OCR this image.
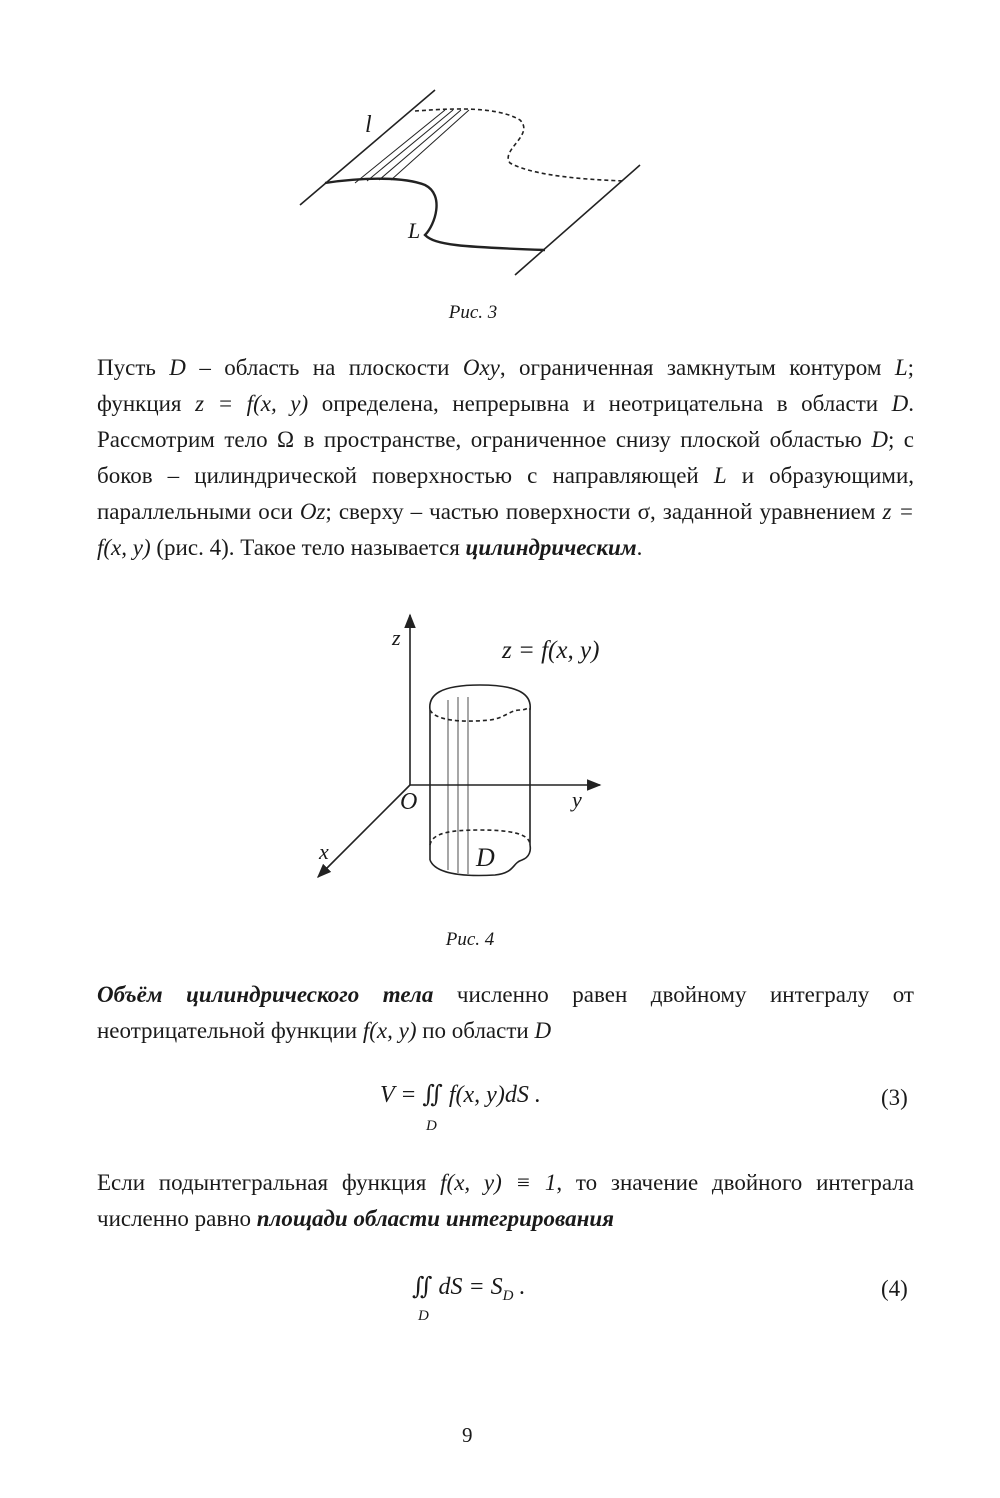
l
L
Рис. 3
Пусть D – область на плоскости Oxy, ограниченная замкнутым контуром L; функция z = f(x, y) определена, непрерывна и неотрицательна в области D. Рассмотрим тело Ω в пространстве, ограниченное снизу плоской областью D; с боков – цилиндрической поверхностью с направляющей L и образующими, параллельными оси Oz; сверху – частью поверхности σ, заданной уравнением z = f(x, y) (рис. 4). Такое тело называется цилиндрическим.
z	z = f(x, y)
O	y
x	D
Рис. 4
Объём цилиндрического тела численно равен двойному интегралу от неотрицательной функции f(x, y) по области D
V = ∬ f(x, y)dS .
D
(3)
Если подынтегральная функция f(x, y) ≡ 1, то значение двойного интеграла численно равно площади области интегрирования
∬ dS = $S_D$ .
D
(4)
9
